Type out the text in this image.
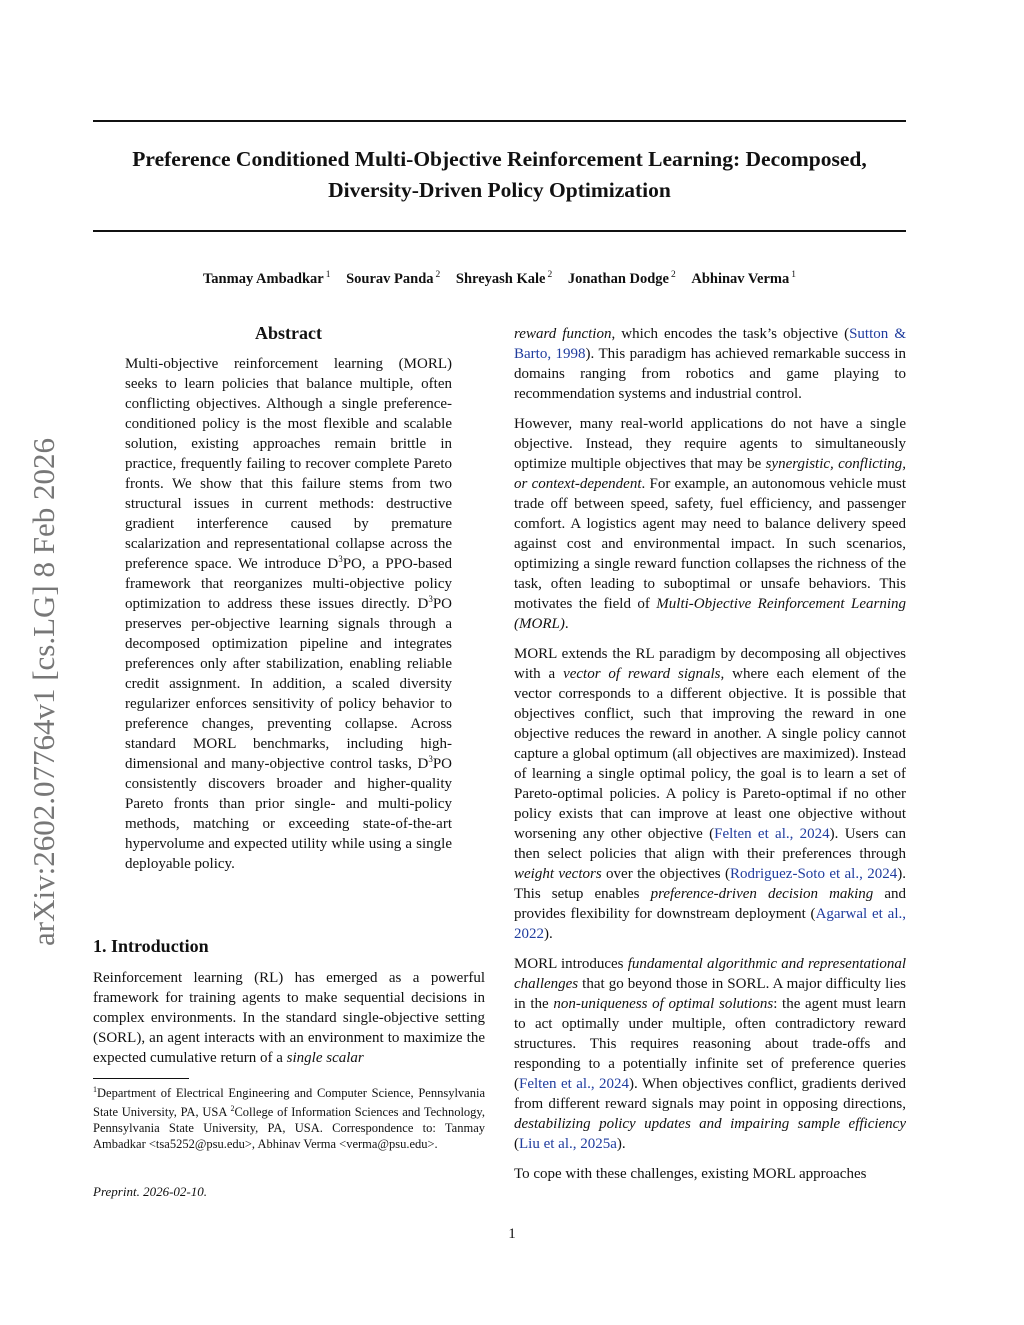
arXiv:2602.07764v1 [cs.LG] 8 Feb 2026
Preference Conditioned Multi-Objective Reinforcement Learning: Decomposed,
Diversity-Driven Policy Optimization
Tanmay Ambadkar $^1$ Sourav Panda $^2$ Shreyash Kale $^2$ Jonathan Dodge $^2$ Abhinav Verma $^1$
Abstract

Multi-objective reinforcement learning (MORL) seeks to learn policies that balance multiple, often conflicting objectives. Although a single preference-conditioned policy is the most flexible and scalable solution, existing approaches remain brittle in practice, frequently failing to recover complete Pareto fronts. We show that this failure stems from two structural issues in current methods: destructive gradient interference caused by premature scalarization and representational collapse across the preference space. We introduce $D^3PO$, a PPO-based framework that reorganizes multi-objective policy optimization to address these issues directly. $D^3PO$ preserves per-objective learning signals through a decomposed optimization pipeline and integrates preferences only after stabilization, enabling reliable credit assignment. In addition, a scaled diversity regularizer enforces sensitivity of policy behavior to preference changes, preventing collapse. Across standard MORL benchmarks, including high-dimensional and many-objective control tasks, $D^3PO$ consistently discovers broader and higher-quality Pareto fronts than prior single- and multi-policy methods, matching or exceeding state-of-the-art hypervolume and expected utility while using a single deployable policy.

1. Introduction

Reinforcement learning (RL) has emerged as a powerful framework for training agents to make sequential decisions in complex environments. In the standard single-objective setting (SORL), an agent interacts with an environment to maximize the expected cumulative return of a single scalar

$^1$Department of Electrical Engineering and Computer Science, Pennsylvania State University, PA, USA $^2$College of Information Sciences and Technology, Pennsylvania State University, PA, USA. Correspondence to: Tanmay Ambadkar <tsa5252@psu.edu>, Abhinav Verma <verma@psu.edu>.
Preprint. 2026-02-10.

reward function, which encodes the task’s objective (Sutton & Barto, 1998). This paradigm has achieved remarkable success in domains ranging from robotics and game playing to recommendation systems and industrial control.

However, many real-world applications do not have a single objective. Instead, they require agents to simultaneously optimize multiple objectives that may be synergistic, conflicting, or context-dependent. For example, an autonomous vehicle must trade off between speed, safety, fuel efficiency, and passenger comfort. A logistics agent may need to balance delivery speed against cost and environmental impact. In such scenarios, optimizing a single reward function collapses the richness of the task, often leading to suboptimal or unsafe behaviors. This motivates the field of Multi-Objective Reinforcement Learning (MORL).

MORL extends the RL paradigm by decomposing all objectives with a vector of reward signals, where each element of the vector corresponds to a different objective. It is possible that objectives conflict, such that improving the reward in one objective reduces the reward in another. A single policy cannot capture a global optimum (all objectives are maximized). Instead of learning a single optimal policy, the goal is to learn a set of Pareto-optimal policies. A policy is Pareto-optimal if no other policy exists that can improve at least one objective without worsening any other objective (Felten et al., 2024). Users can then select policies that align with their preferences through weight vectors over the objectives (Rodriguez-Soto et al., 2024). This setup enables preference-driven decision making and provides flexibility for downstream deployment (Agarwal et al., 2022).

MORL introduces fundamental algorithmic and representational challenges that go beyond those in SORL. A major difficulty lies in the non-uniqueness of optimal solutions: the agent must learn to act optimally under multiple, often contradictory reward structures. This requires reasoning about trade-offs and responding to a potentially infinite set of preference queries (Felten et al., 2024). When objectives conflict, gradients derived from different reward signals may point in opposing directions, destabilizing policy updates and impairing sample efficiency (Liu et al., 2025a).

To cope with these challenges, existing MORL approaches

1
